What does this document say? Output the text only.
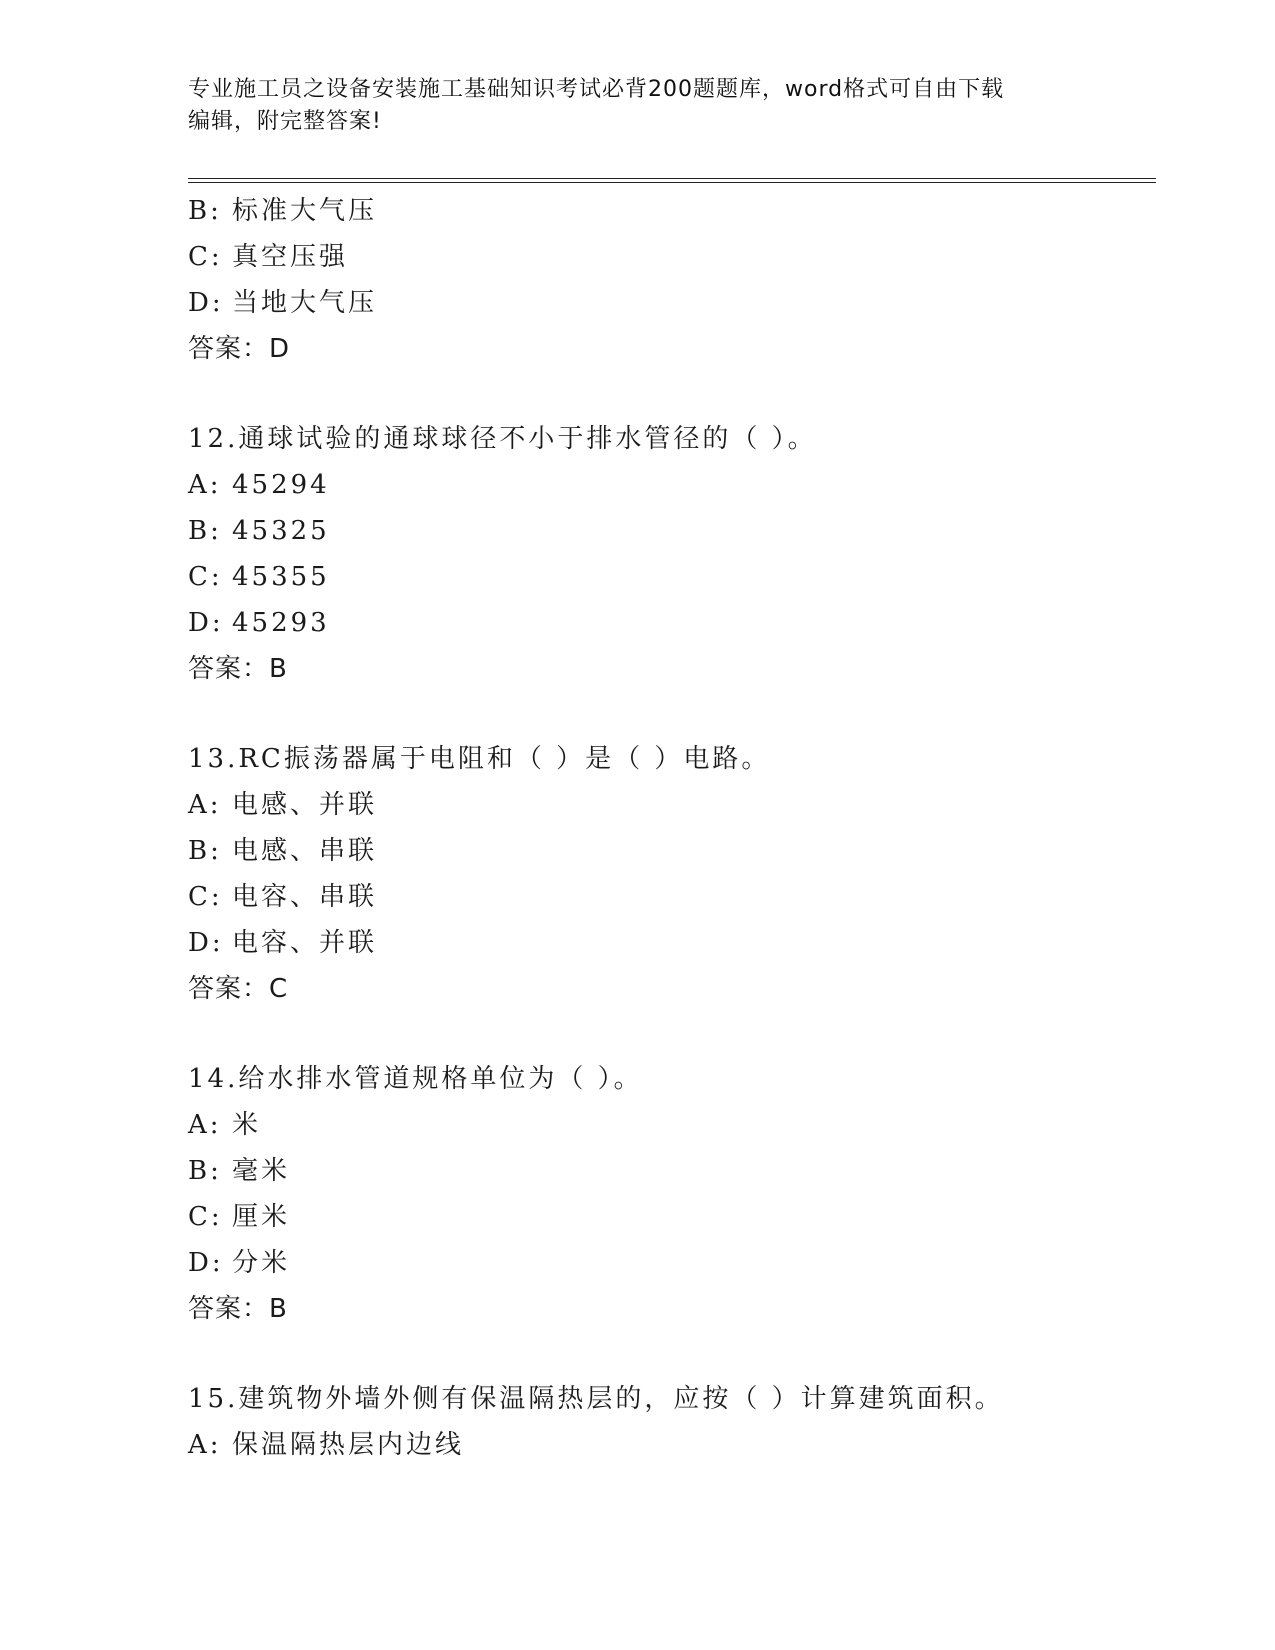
专业施工员之设备安装施工基础知识考试必背200题题库，word格式可自由下载
编辑，附完整答案!
B: 标准大气压
C: 真空压强
D: 当地大气压
答案：D
12.通球试验的通球球径不小于排水管径的（ ）。
A: 45294
B: 45325
C: 45355
D: 45293
答案：B
13.RC振荡器属于电阻和（ ）是（ ）电路。
A: 电感、并联
B: 电感、串联
C: 电容、串联
D: 电容、并联
答案：C
14.给水排水管道规格单位为（ ）。
A: 米
B: 毫米
C: 厘米
D: 分米
答案：B
15.建筑物外墙外侧有保温隔热层的，应按（ ）计算建筑面积。
A: 保温隔热层内边线
